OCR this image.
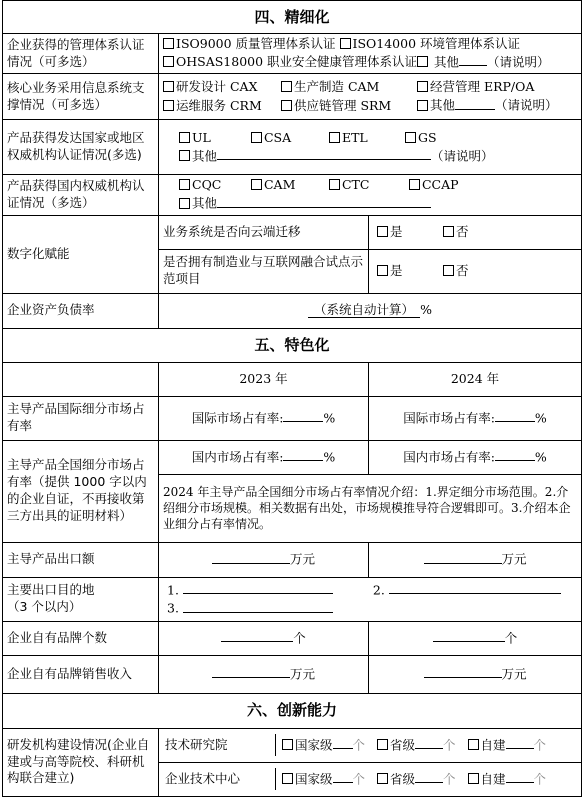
四、精细化
企业获得的管理体系认证情况（可多选）	
ISO9000 质量管理体系认证 ISO14000 环境管理体系认证
OHSAS18000 职业安全健康管理体系认证 其他 （请说明）

核心业务采用信息系统支撑情况（可多选）	
研发设计 CAX	生产制造 CAM	经营管理 ERP/OA
运维服务 CRM	供应链管理 SRM	其他	（请说明）

产品获得发达国家或地区权威机构认证情况(多选)	
UL	CSA	ETL	GS
其他	（请说明）

产品获得国内权威机构认证情况（多选）	
CQC	CAM	CTC	CCAP
其他

数字化赋能	业务系统是否向云端迁移	是	否
是否拥有制造业与互联网融合试点示范项目	是	否
企业资产负债率	（系统自动计算） %
五、特色化
	2023 年	2024 年
主导产品国际细分市场占有率	国际市场占有率:	%	国际市场占有率:	%
主导产品全国细分市场占有率（提供 1000 字以内的企业自证，不再接收第三方出具的证明材料）	国内市场占有率:	%	国内市场占有率:	%
2024 年主导产品全国细分市场占有率情况介绍：1.界定细分市场范围。2.介绍细分市场规模。相关数据有出处，市场规模推导符合逻辑即可。3.介绍本企业细分占有率情况。
主导产品出口额	万元	万元

主要出口目的地
（3 个以内）

1.	2.
3.

企业自有品牌个数	个	个
企业自有品牌销售收入	万元	万元
六、创新能力
研发机构建设情况(企业自建或与高等院校、科研机构联合建立)	
技术研究院	国家级 个 省级 个 自建 个

企业技术中心	国家级 个 省级 个 自建 个
